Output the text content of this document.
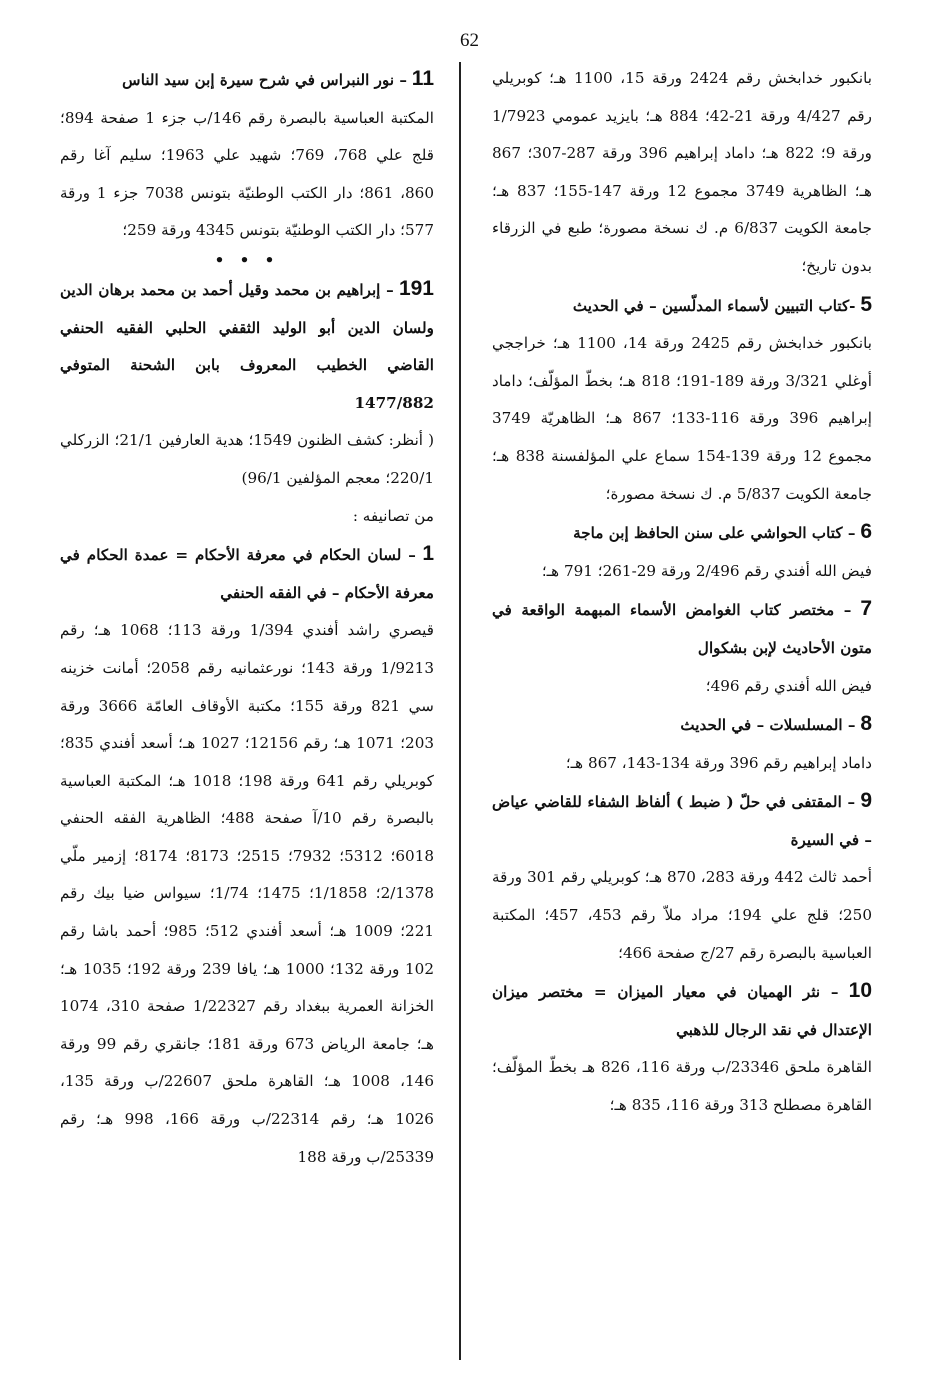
62

بانكبور خدابخش رقم 2424 ورقة 15، 1100 هـ؛ كوبريلي رقم 4/427 ورقة 21-42؛ 884 هـ؛ بايزيد عمومي 1/7923 ورقة 9؛ 822 هـ؛ داماد إبراهيم 396 ورقة 287-307؛ 867 هـ؛ الظاهرية 3749 مجموع 12 ورقة 147-155؛ 837 هـ؛ جامعة الكويت 6/837 م. ك نسخة مصورة؛ طبع في الزرقاء بدون تاريخ؛

5 -كتاب التبيين لأسماء المدلّسين – في الحديث

بانكبور خدابخش رقم 2425 ورقة 14، 1100 هـ؛ خراججي أوغلي 3/321 ورقة 189-191؛ 818 هـ؛ بخطّ المؤلّف؛ داماد إبراهيم 396 ورقة 116-133؛ 867 هـ؛ الظاهريّة 3749 مجموع 12 ورقة 139-154 سماع علي المؤلفسنة 838 هـ؛ جامعة الكويت 5/837 م. ك نسخة مصورة؛

6 – كتاب الحواشي على سنن الحافظ إبن ماجة

فيض الله أفندي رقم 2/496 ورقة 29-261؛ 791 هـ؛

7 – مختصر كتاب الغوامض الأسماء المبهمة الواقعة في متون الأحاديث لإبن بشكوال

فيض الله أفندي رقم 496؛

8 – المسلسلات – في الحديث

داماد إبراهيم رقم 396 ورقة 134-143، 867 هـ؛

9 – المقتفى في حلّ ( ضبط ) ألفاظ الشفاء للقاضي عياض – في السيرة

أحمد ثالث 442 ورقة 283، 870 هـ؛ كوبريلي رقم 301 ورقة 250؛ قلج علي 194؛ مراد ملاّ رقم 453، 457؛ المكتبة العباسية بالبصرة رقم 27/ج صفحة 466؛

10 – نثر الهميان في معيار الميزان = مختصر ميزان الإعتدال في نقد الرجال للذهبي

القاهرة ملحق 23346/ب ورقة 116، 826 هـ بخطّ المؤلّف؛ القاهرة مصطلح 313 ورقة 116، 835 هـ؛

11 – نور النبراس في شرح سيرة إبن سيد الناس

المكتبة العباسية بالبصرة رقم 146/ب جزء 1 صفحة 894؛ قلج علي 768، 769؛ شهيد علي 1963؛ سليم آغا رقم 860، 861؛ دار الكتب الوطنيّة بتونس 7038 جزء 1 ورقة 577؛ دار الكتب الوطنيّة بتونس 4345 ورقة 259؛

• • •

191 – إبراهيم بن محمد وقيل أحمد بن محمد برهان الدين ولسان الدين أبو الوليد الثقفي الحلبي الفقيه الحنفي القاضي الخطيب المعروف بابن الشحنة المتوفي 1477/882

( أنظر: كشف الظنون 1549؛ هدية العارفين 21/1؛ الزركلي 220/1؛ معجم المؤلفين 96/1)

من تصانيفه :

1 – لسان الحكام في معرفة الأحكام = عمدة الحكام في معرفة الأحكام – في الفقه الحنفي

قيصري راشد أفندي 1/394 ورقة 113؛ 1068 هـ؛ رقم 1/9213 ورقة 143؛ نورعثمانيه رقم 2058؛ أمانت خزينه سي 821 ورقة 155؛ مكتبة الأوقاف العامّة 3666 ورقة 203؛ 1071 هـ؛ رقم 12156؛ 1027 هـ؛ أسعد أفندي 835؛ كوبريلي رقم 641 ورقة 198؛ 1018 هـ؛ المكتبة العباسية بالبصرة رقم 10/آ صفحة 488؛ الظاهرية الفقه الحنفي 6018؛ 5312؛ 7932؛ 2515؛ 8173؛ 8174؛ إزمير ملّي 2/1378؛ 1/1858؛ 1475؛ 1/74؛ سيواس ضيا بيك رقم 221؛ 1009 هـ؛ أسعد أفندي 512؛ 985؛ أحمد باشا رقم 102 ورقة 132؛ 1000 هـ؛ يافا 239 ورقة 192؛ 1035 هـ؛ الخزانة العمرية ببغداد رقم 1/22327 صفحة 310، 1074 هـ؛ جامعة الرياض 673 ورقة 181؛ جانقري رقم 99 ورقة 146، 1008 هـ؛ القاهرة ملحق 22607/ب ورقة 135، 1026 هـ؛ رقم 22314/ب ورقة 166، 998 هـ؛ رقم 25339/ب ورقة 188
